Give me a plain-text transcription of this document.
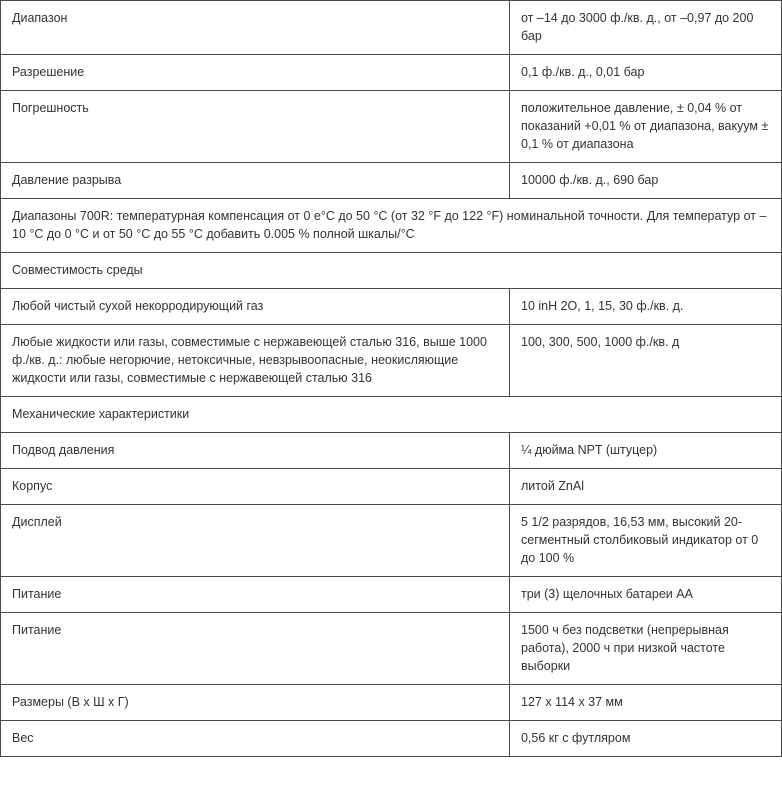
Диапазон	от –14 до 3000 ф./кв. д., от –0,97 до 200 бар
Разрешение	0,1 ф./кв. д., 0,01 бар
Погрешность	положительное давление, ± 0,04 % от показаний +0,01 % от диапазона, вакуум ± 0,1 % от диапазона
Давление разрыва	10000 ф./кв. д., 690 бар
Диапазоны 700R: температурная компенсация от 0 e°C до 50 °C (от 32 °F до 122 °F) номинальной точности. Для температур от –10 °C до 0 °C и от 50 °C до 55 °C добавить 0.005 % полной шкалы/°C	
Совместимость среды	
Любой чистый сухой некорродирующий газ	10 inH 2O, 1, 15, 30 ф./кв. д.
Любые жидкости или газы, совместимые с нержавеющей сталью 316, выше 1000 ф./кв. д.: любые негорючие, нетоксичные, невзрывоопасные, неокисляющие жидкости или газы, совместимые с нержавеющей сталью 316	100, 300, 500, 1000 ф./кв. д
Механические характеристики	
Подвод давления	¼ дюйма NPT (штуцер)
Корпус	литой ZnAl
Дисплей	5 1/2 разрядов, 16,53 мм, высокий 20-сегментный столбиковый индикатор от 0 до 100 %
Питание	три (3) щелочных батареи АА
Питание	1500 ч без подсветки (непрерывная работа), 2000 ч при низкой частоте выборки
Размеры (В x Ш x Г)	127 x 114 x 37 мм
Вес	0,56 кг с футляром
